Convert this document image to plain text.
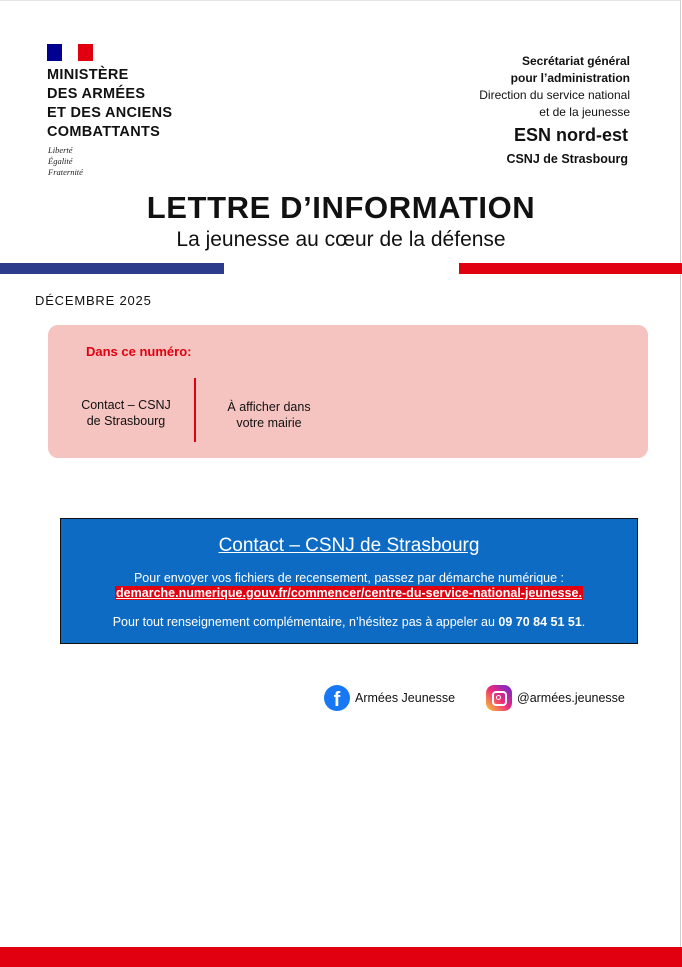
MINISTÈRE
DES ARMÉES
ET DES ANCIENS
COMBATTANTS
Liberté
Égalité
Fraternité
Secrétariat général
pour l’administration
Direction du service national
et de la jeunesse
ESN nord-est
CSNJ de Strasbourg
LETTRE D’INFORMATION
La jeunesse au cœur de la défense
DÉCEMBRE 2025
Dans ce numéro:
Contact – CSNJ
de Strasbourg
À afficher dans
votre mairie
Contact – CSNJ de Strasbourg
Pour envoyer vos fichiers de recensement, passez par démarche numérique :
demarche.numerique.gouv.fr/commencer/centre-du-service-national-jeunesse.
Pour tout renseignement complémentaire, n’hésitez pas à appeler au 09 70 84 51 51.
f	Armées Jeunesse	@armées.jeunesse
